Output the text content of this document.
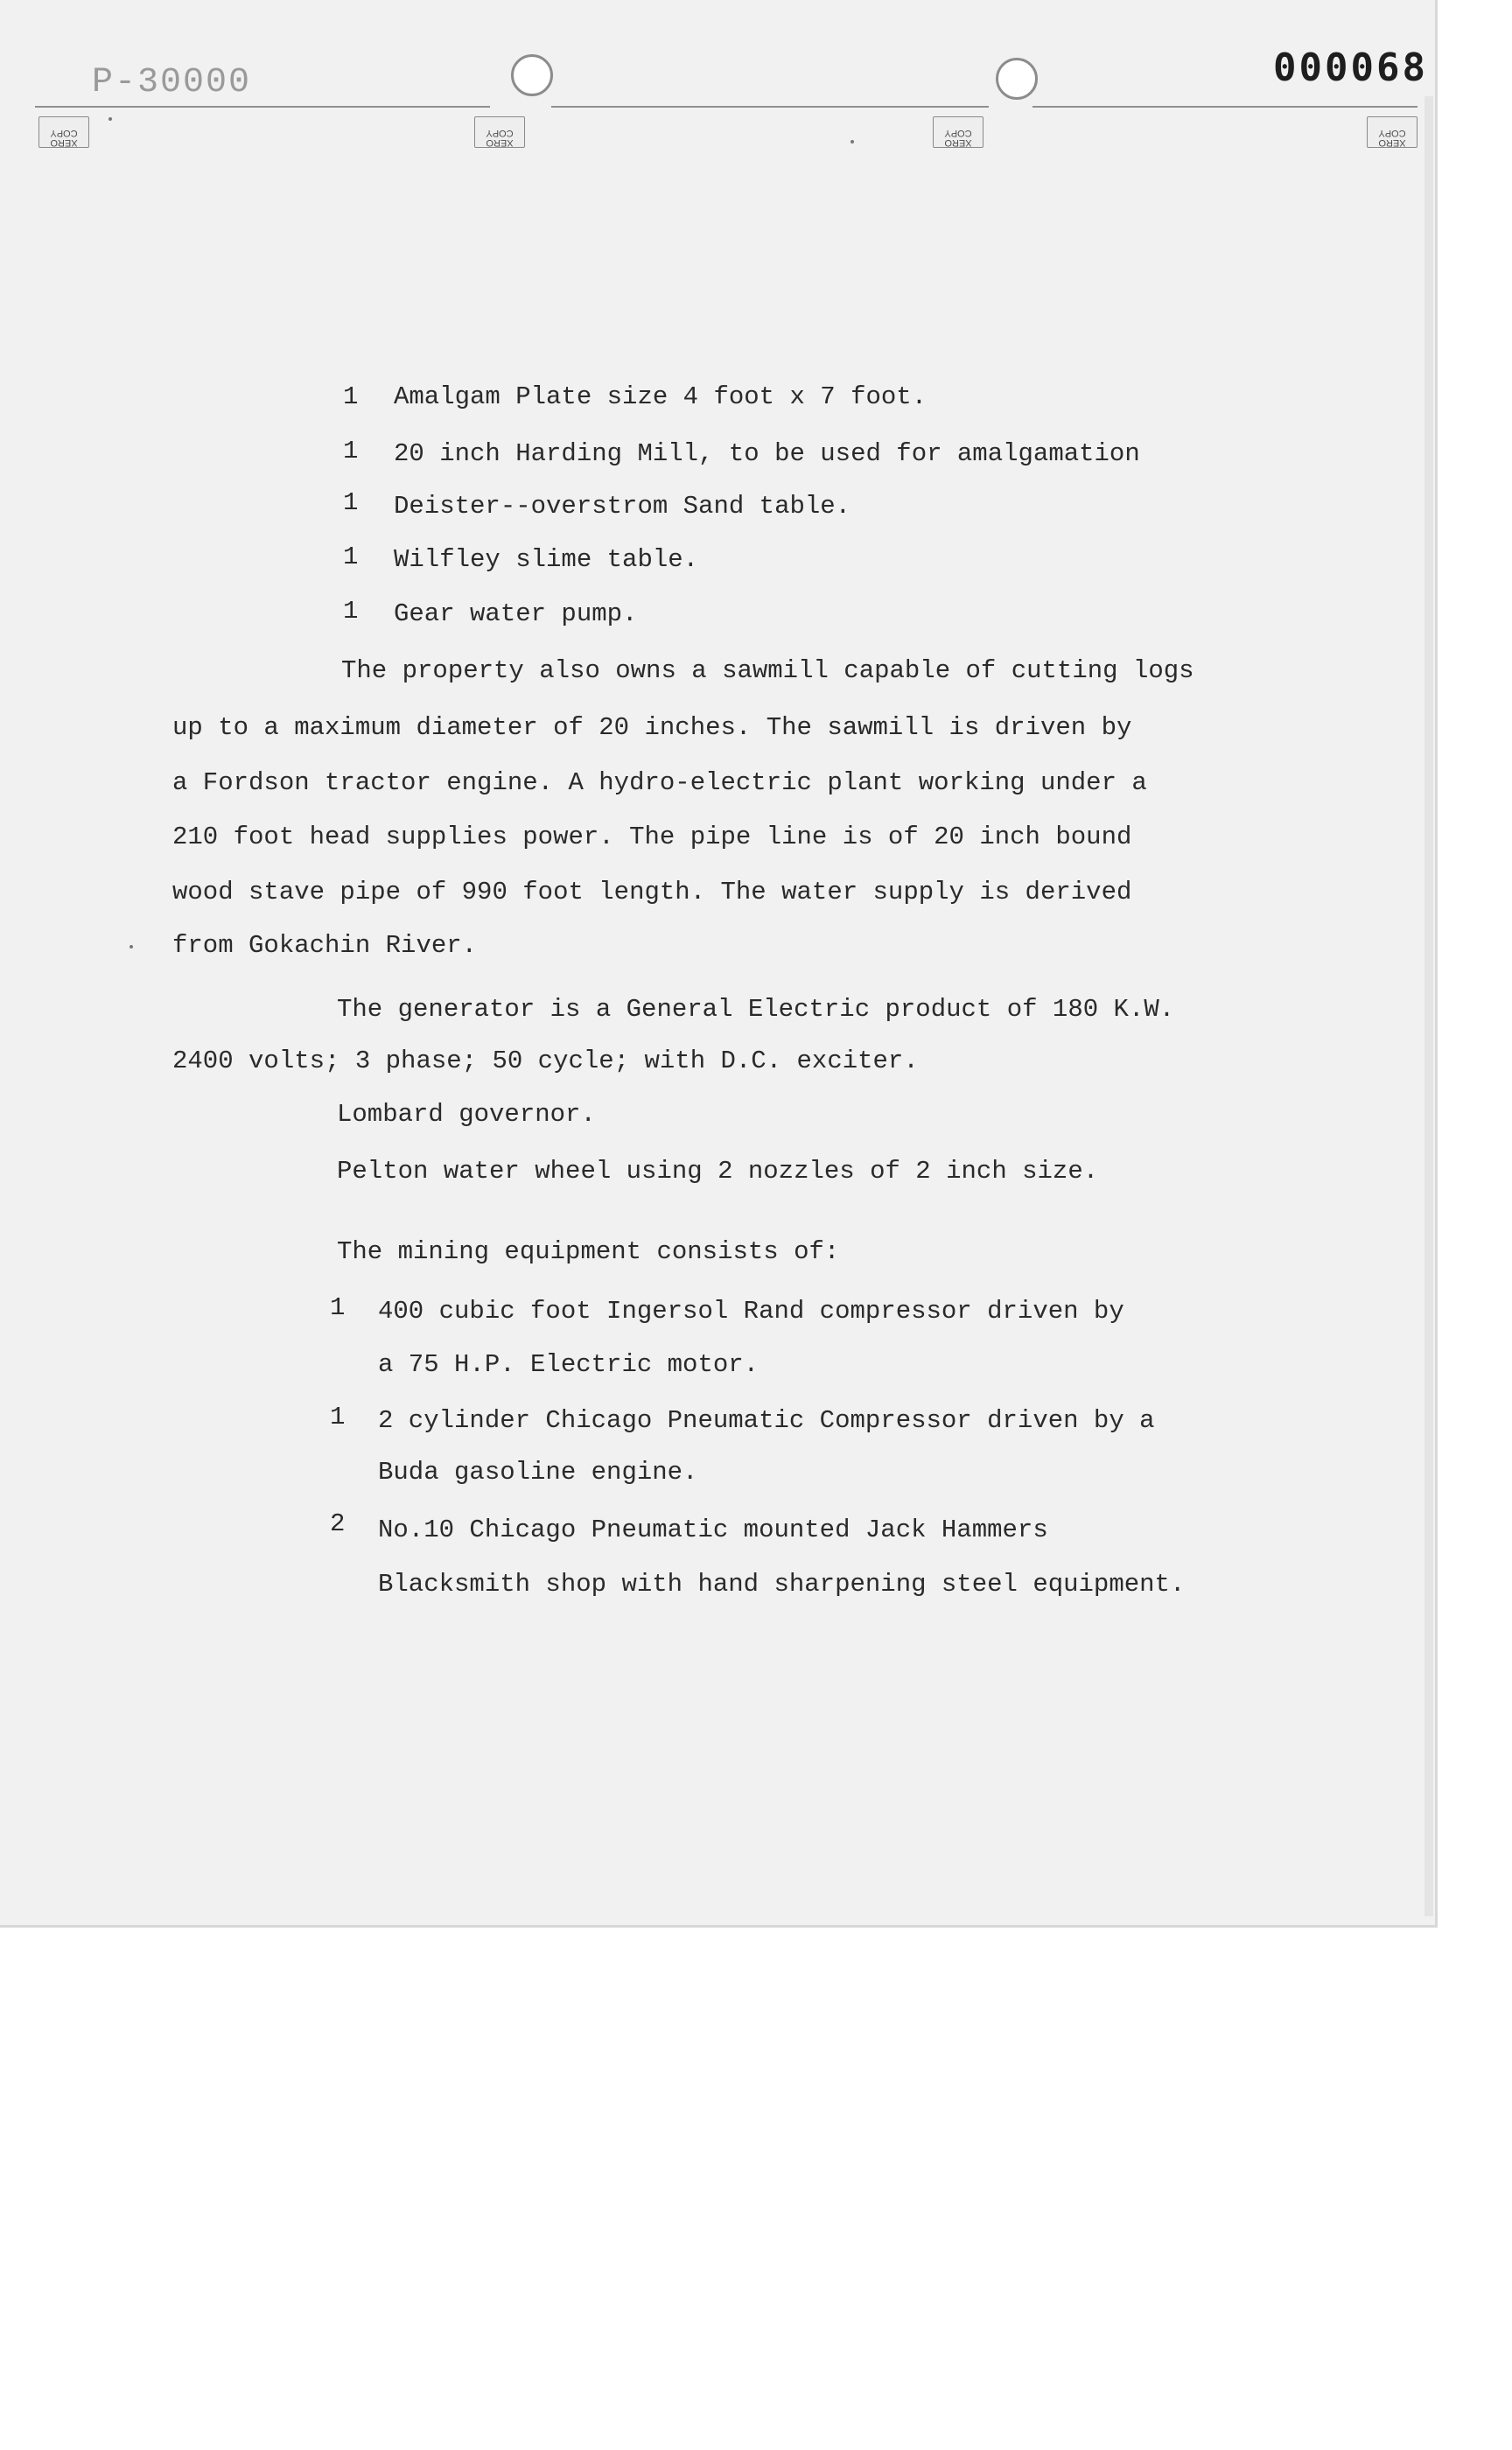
P-30000	000068
XERO COPY
XERO COPY
XERO COPY
XERO COPY
1 Amalgam Plate size 4 foot x 7 foot.
1 20 inch Harding Mill, to be used for amalgamation
1 Deister--overstrom Sand table.
1 Wilfley slime table.
1 Gear water pump.
The property also owns a sawmill capable of cutting logs
up to a maximum diameter of 20 inches. The sawmill is driven by
a Fordson tractor engine. A hydro-electric plant working under a
210 foot head supplies power. The pipe line is of 20 inch bound
wood stave pipe of 990 foot length. The water supply is derived
from Gokachin River.
The generator is a General Electric product of 180 K.W.
2400 volts; 3 phase; 50 cycle; with D.C. exciter.
Lombard governor.
Pelton water wheel using 2 nozzles of 2 inch size.
The mining equipment consists of:
1 400 cubic foot Ingersol Rand compressor driven by
a 75 H.P. Electric motor.
1 2 cylinder Chicago Pneumatic Compressor driven by a
Buda gasoline engine.
2 No.10 Chicago Pneumatic mounted Jack Hammers
Blacksmith shop with hand sharpening steel equipment.
